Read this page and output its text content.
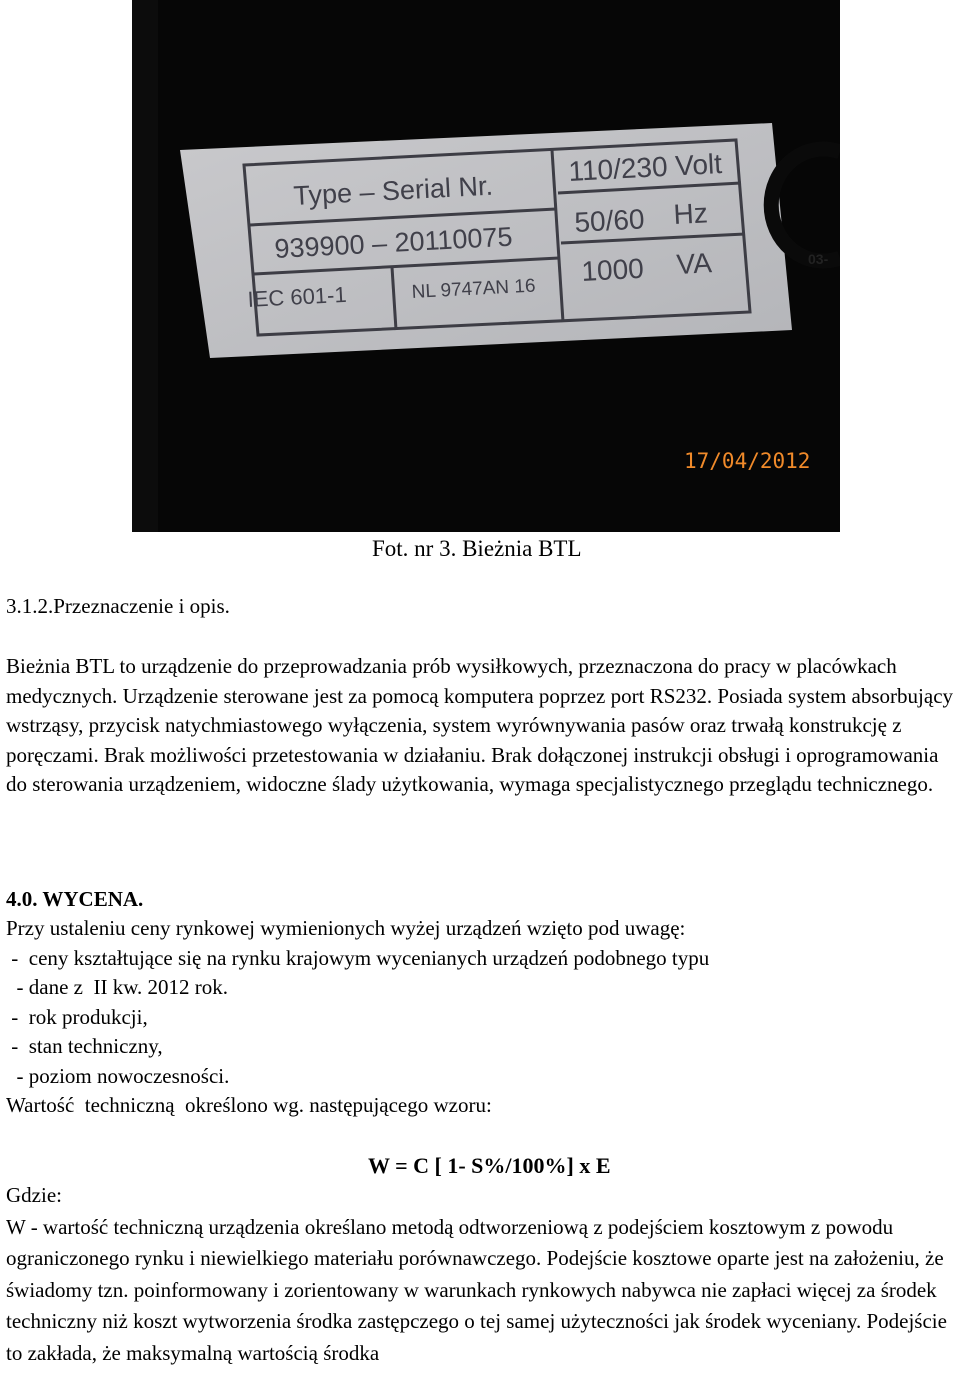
Type – Serial Nr.
939900 – 20110075
IEC 601-1	NL 9747AN 16
110/230 Volt
50/60 Hz
1000 VA	03-
17/04/2012
Fot. nr 3. Bieżnia BTL
3.1.2.Przeznaczenie i opis.
Bieżnia BTL to urządzenie do przeprowadzania prób wysiłkowych, przeznaczona do pracy w placówkach medycznych. Urządzenie sterowane jest za pomocą komputera poprzez port RS232. Posiada system absorbujący wstrząsy, przycisk natychmiastowego wyłączenia, system wyrównywania pasów oraz trwałą konstrukcję z poręczami. Brak możliwości przetestowania w działaniu. Brak dołączonej instrukcji obsługi i oprogramowania do sterowania urządzeniem, widoczne ślady użytkowania, wymaga specjalistycznego przeglądu technicznego.
4.0. WYCENA.
Przy ustaleniu ceny rynkowej wymienionych wyżej urządzeń wzięto pod uwagę:
-  ceny kształtujące się na rynku krajowym wycenianych urządzeń podobnego typu
- dane z  II kw. 2012 rok.
-  rok produkcji,
-  stan techniczny,
- poziom nowoczesności.
Wartość  techniczną  określono wg. następującego wzoru:
W = C [ 1- S%/100%] x E
Gdzie:
W - wartość techniczną urządzenia określano metodą odtworzeniową z podejściem kosztowym z powodu ograniczonego rynku i niewielkiego materiału porównawczego. Podejście kosztowe oparte jest na założeniu, że świadomy tzn. poinformowany i zorientowany w warunkach rynkowych nabywca nie zapłaci więcej za środek techniczny niż koszt wytworzenia środka zastępczego o tej samej użyteczności jak środek wyceniany. Podejście to zakłada, że maksymalną wartością środka
